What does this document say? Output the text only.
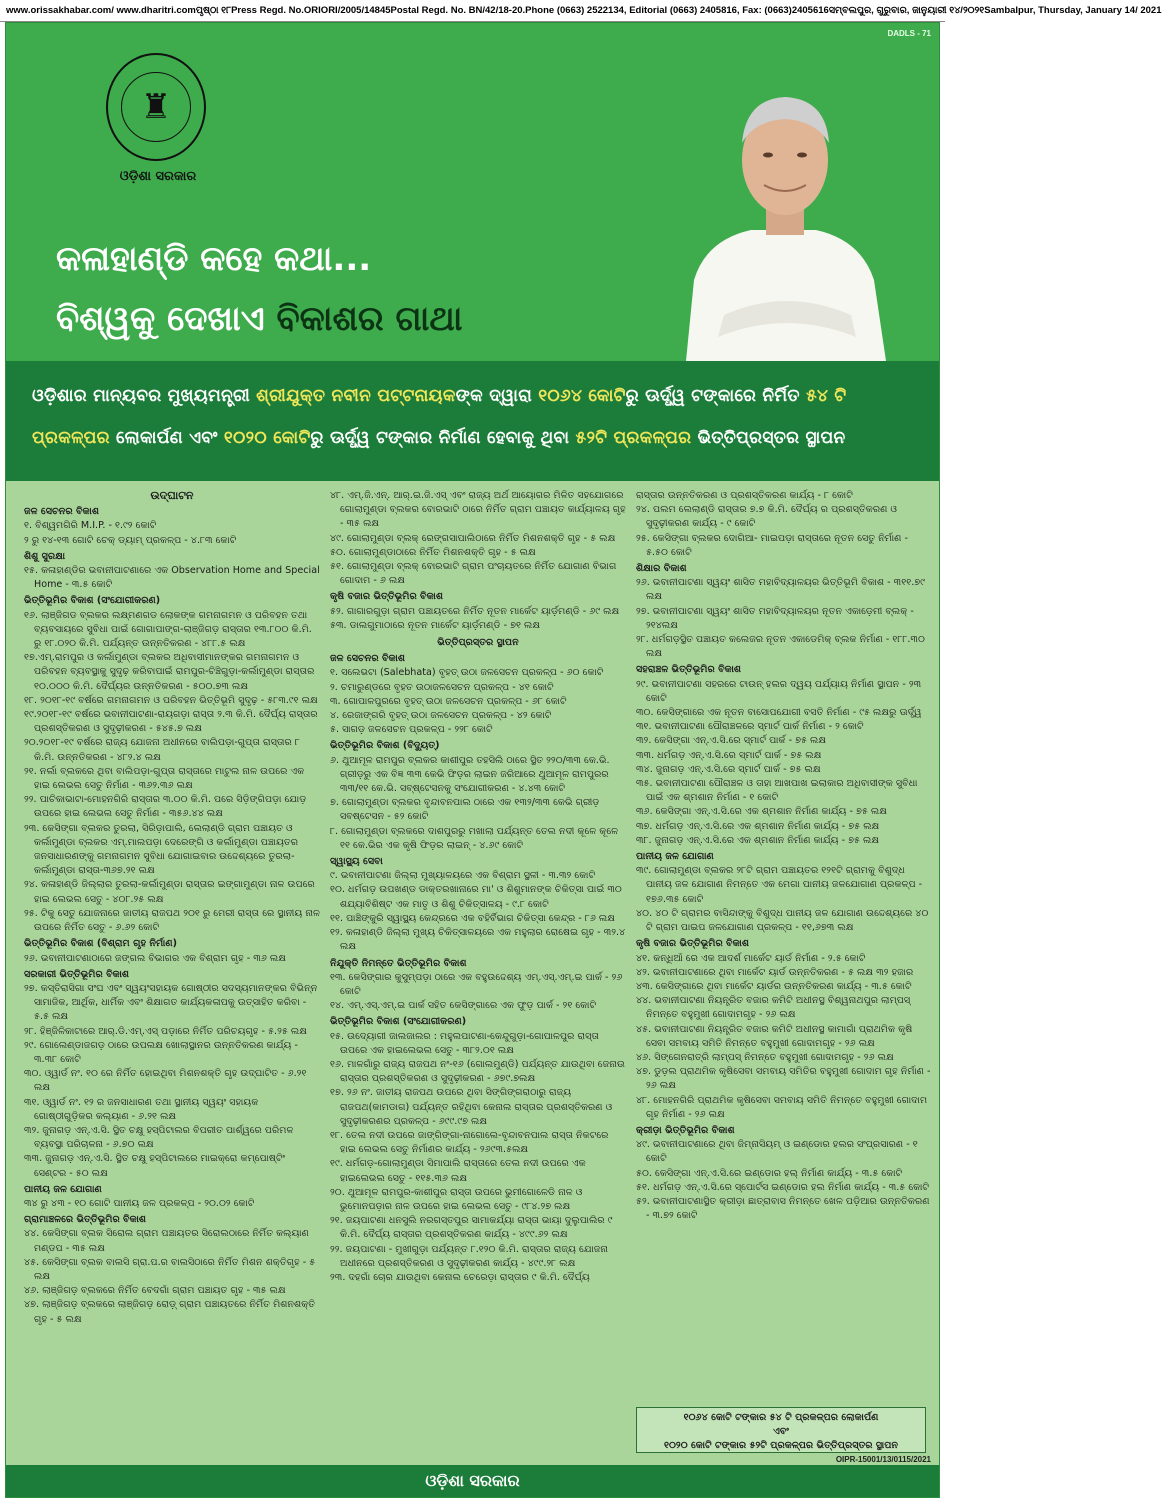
www.orissakhabar.com/ www.dharitri.com ପୃଷ୍ଠା ୧୮ Press Regd. No.ORIORI/2005/14845 Postal Regd. No. BN/42/18-20. Phone (0663) 2522134, Editorial (0663) 2405816, Fax: (0663)2405616 ସମ୍ବଲପୁର, ଗୁରୁବାର, ଜାନୁୟାରୀ ୧୪/୨୦୨୧ Sambalpur, Thursday, January 14/ 2021
DADLS - 71
♜
ଓଡ଼ିଶା ସରକାର
କଳାହାଣ୍ଡି କହେ କଥା...
ବିଶ୍ୱକୁ ଦେଖାଏ ବିକାଶର ଗାଥା
ଓଡ଼ିଶାର ମାନ୍ୟବର ମୁଖ୍ୟମନ୍ତ୍ରୀ ଶ୍ରୀଯୁକ୍ତ ନବୀନ ପଟ୍ଟନାୟକଙ୍କ ଦ୍ୱାରା ୧୦୬୪ କୋଟିରୁ ଊର୍ଦ୍ଧ୍ୱ ଟଙ୍କାରେ ନିର୍ମିତ ୫୪ ଟି
ପ୍ରକଳ୍ପର ଲୋକାର୍ପଣ ଏବଂ ୧୦୨୦ କୋଟିରୁ ଊର୍ଦ୍ଧ୍ୱ ଟଙ୍କାର ନିର୍ମାଣ ହେବାକୁ ଥିବା ୫୨ଟି ପ୍ରକଳ୍ପର ଭିତ୍ତିପ୍ରସ୍ତର ସ୍ଥାପନ
ଉଦ୍‌ଘାଟନ
ଜଳ ସେଚନର ବିକାଶ
୧. ବିଶ୍ୱମଗିରି M.I.P. - ୧.୯୨ କୋଟି
୨ ରୁ ୧୪-୧୩ ଗୋଟି ଚେକ୍ ଡ୍ୟାମ୍ ପ୍ରକଳ୍ପ - ୪.୮୩ କୋଟି
ଶିଶୁ ସୁରକ୍ଷା
୧୫. କଳାହାଣ୍ଡିର ଭବାନୀପାଟଣାରେ ଏକ Observation Home and Special Home - ୩.୫ କୋଟି
ଭିତ୍ତିଭୂମିର ବିକାଶ (ସଂଯୋଗୀକରଣ)
୧୬. ଲାଞ୍ଜିଗଡ ବ୍ଲକର ଲକ୍ଷ୍ମଣଗଡ ଲୋକଙ୍କ ଗମନାଗମନ ଓ ପରିବହନ ତଥା ବ୍ୟବସାୟରେ ସୁବିଧା ପାଇଁ ଗୋଗାପାଙ୍ଗ-ଲାଞ୍ଜିଗଡ଼ ରାସ୍ତାର ୧୩.୮୦୦ କି.ମି. ରୁ ୧୮.୦୨୦ କି.ମି. ପର୍ଯ୍ୟନ୍ତ ଉନ୍ନତିକରଣ - ୪୮୮.୫ ଲକ୍ଷ
୧୭.ଏମ୍.ରାମପୁର ଓ କର୍ଲାମୁଣ୍ଡା ବ୍ଲକର ଅଧିବାସୀମାନଙ୍କର ଗମନାଗମନ ଓ ପରିବହନ ବ୍ୟବସ୍ଥାକୁ ସୁଦୃଢ଼ କରିବାପାଇଁ ରାମପୁର-ଚିଞ୍ଚିଗୁଡ଼ା-କର୍ଲାମୁଣ୍ଡା ରାସ୍ତାର ୧୦.୦୦୦ କି.ମି. ଦୈର୍ଘ୍ୟର ଉନ୍ନତିକରଣ - ୫୦୦.୭୩ ଲକ୍ଷ
୧୮. ୨୦୧୮-୧୯ ବର୍ଷରେ ଗମନାଗମନ ଓ ପରିବହନ ଭିତ୍ତିଭୂମି ସୁଦୃଢ଼ - ୫୮୩.୯୧ ଲକ୍ଷ
୧୯.୨୦୧୮-୧୯ ବର୍ଷରେ ଭବାନୀପାଟଣା-ରାୟଗଡ଼ା ରାସ୍ତା ୨.୩ କି.ମି. ଦୈର୍ଘ୍ୟ ରାସ୍ତାର ପ୍ରଶସ୍ତିକରଣ ଓ ସୁଦୃଢ଼ୀକରଣ - ୫୪୫.୭ ଲକ୍ଷ
୨୦.୨୦୧୮-୧୯ ବର୍ଷରେ ରାଜ୍ୟ ଯୋଜନା ଅଧୀନରେ ବାଲିପଡ଼ା-ଗୁପ୍ତା ରାସ୍ତାର ୮ କି.ମି. ଉନ୍ନତିକରଣ - ୪୮୨.୪ ଲକ୍ଷ
୨୧. ନର୍ଲା ବ୍ଲକରେ ଥିବା ବାଲିପଡ଼ା-ଗୁପ୍ତା ରାସ୍ତାରେ ମାଟୁଲ ନାଳ ଉପରେ ଏକ ହାଇ ଲେଭଲ ସେତୁ ନିର୍ମାଣ - ୩୬୨.୩୬ ଲକ୍ଷ
୨୨. ପାଚିକାଭାଟା-ମୋହନଗିରି ରାସ୍ତାର ୩.୦୦ କି.ମି. ପରେ ସିଡ଼ିଙ୍ଗିପଡ଼ା ଯୋଡ଼ ଉପରେ ହାଇ ଲେଭଲ ସେତୁ ନିର୍ମାଣ - ୩୫୬.୪୪ ଲକ୍ଷ
୨୩. କେସିଙ୍ଗା ବ୍ଲକର ତୁରଲା, ସିରିଡ଼ାପାଲି, ଲେଲାଣ୍ଡି ଗ୍ରାମ ପଞ୍ଚାୟତ ଓ କର୍ଲାମୁଣ୍ଡା ବ୍ଲକର ଏମ୍.ମାଲପଡ଼ା ଦେରେଙ୍ଗି ଓ କର୍ଲାମୁଣ୍ଡା ପଞ୍ଚାୟତର ଜନସାଧାରଣଙ୍କୁ ଗମନାଗମନ ସୁବିଧା ଯୋଗାଇବାର ଉଦ୍ଦେଶ୍ୟରେ ତୁରଲା-କର୍ଲାମୁଣ୍ଡା ରାସ୍ତା-୩୬୭.୨୧ ଲକ୍ଷ
୨୪. କଳାହାଣ୍ଡି ଜିଲ୍ଲାର ତୁରଲା-କର୍ଲାମୁଣ୍ଡା ରାସ୍ତାର ଇଙ୍ଗାମୁଣ୍ଡା ନାଳ ଉପରେ ହାଇ ଲେଭଲ ସେତୁ - ୪୦୮.୨୫ ଲକ୍ଷ
୨୫. ଟିକୁ ସେତୁ ଯୋଜନାରେ ଜାତୀୟ ରାଜପଥ ୨୦୧ ରୁ ମେରୀ ରାସ୍ତା ରେ ସ୍ଥାନୀୟ ନାଳ ଉପରେ ନିର୍ମିତ ସେତୁ - ୬.୬୨ କୋଟି
ଭିତ୍ତିଭୂମିର ବିକାଶ (ବିଶ୍ରାମ ଗୃହ ନିର୍ମାଣ)
୨୬. ଭବାନୀପାଟଣାଠାରେ ଜଙ୍ଗଲ ବିଭାଗର ଏକ ବିଶ୍ରାମ ଗୃହ - ୩୬ ଲକ୍ଷ
ସରକାରୀ ଭିତ୍ତିଭୂମିର ବିକାଶ
୨୭. କସ୍ତିରାସିଗା ସଂଘ ଏବଂ ସ୍ୱୟଂସହାୟକ ଗୋଷ୍ଠୀର ସଦସ୍ୟମାନଙ୍କର ବିଭିନ୍ନ ସାମାଜିକ, ଆର୍ଥିକ, ଧାର୍ମିକ ଏବଂ ଶିକ୍ଷାଗତ କାର୍ଯ୍ୟକଳାପକୁ ଉତ୍ସାହିତ କରିବା - ୫.୫ ଲକ୍ଷ
୨୮. ହିଞ୍ଜିଳିକାଟାରେ ଆର୍.ଡି.ଏମ୍.ଏସ୍ ପଡ଼ାରେ ନିର୍ମିତ ପରିଚୟଗୃହ - ୫.୨୫ ଲକ୍ଷ
୨୯. ଗୋଲେଣ୍ଡାଜଗଡ଼ ଠାରେ ଉପଲକ୍ଷ ଖୋଲାସ୍ଥାନର ଉନ୍ନତିକରଣ କାର୍ଯ୍ୟ - ୩.୩୮ କୋଟି
୩୦. ଓ୍ୱାର୍ଡ ନଂ. ୧୦ ରେ ନିର୍ମିତ ହୋଇଥିବା ମିଶନଶକ୍ତି ଗୃହ ଉଦ୍‌ଘାଟିତ - ୬.୨୧ ଲକ୍ଷ
୩୧. ଓ୍ୱାର୍ଡ ନଂ. ୧୨ ର ଜନସାଧାରଣ ତଥା ସ୍ଥାନୀୟ ସ୍ୱୟଂ ସହାୟକ ଗୋଷ୍ଠୀଗୁଡ଼ିକର କଲ୍ୟାଣ - ୬.୨୧ ଲକ୍ଷ
୩୨. ଜୁନାଗଡ଼ ଏନ୍.ଏ.ସି. ସ୍ଥିତ ଚକ୍ଷୁ ହସ୍ପିଟାଲର ବିପରୀତ ପାର୍ଶ୍ୱରେ ପରିମଳ ବ୍ୟବସ୍ଥା ପରିଚାଳନା - ୬.୭୦ ଲକ୍ଷ
୩୩. ଜୁନାଗଡ଼ ଏନ୍.ଏ.ସି. ସ୍ଥିତ ଚକ୍ଷୁ ହସ୍ପିଟାଲରେ ମାଇକ୍ରୋ କମ୍ପୋଷ୍ଟିଂ ସେଣ୍ଟର - ୫୦ ଲକ୍ଷ
ପାନୀୟ ଜଳ ଯୋଗାଣ
୩୪ ରୁ ୪୩ - ୧୦ ଗୋଟି ପାନୀୟ ଜଳ ପ୍ରକଳ୍ପ - ୨୦.୦୨ କୋଟି
ଗ୍ରାମାଞ୍ଚଳରେ ଭିତ୍ତିଭୂମିର ବିକାଶ
୪୪. କେସିଙ୍ଗା ବ୍ଲକ ସିରୋଲ ଗ୍ରାମ ପଞ୍ଚାୟତର ସିରୋଲଠାରେ ନିର୍ମିତ କଲ୍ୟାଣ ମଣ୍ଡପ - ୩୫ ଲକ୍ଷ
୪୫. କେସିଙ୍ଗା ବ୍ଲକ ବାଲସି ଗ୍ରା.ପ.ର ବାଲସିଠାରେ ନିର୍ମିତ ମିଶନ ଶକ୍ତିଗୃହ - ୫ ଲକ୍ଷ
୪୬. ଲାଞ୍ଜିଗଡ଼ ବ୍ଲକରେ ନିର୍ମିତ ବେଦଗାଁ ଗ୍ରାମ ପଞ୍ଚାୟତ ଗୃହ - ୩୫ ଲକ୍ଷ
୪୭. ଲାଞ୍ଜିଗଡ଼ ବ୍ଲକରେ ଲାଞ୍ଜିଗଡ଼ ରୋଡ଼୍ ଗ୍ରାମ ପଞ୍ଚାୟତରେ ନିର୍ମିତ ମିଶନଶକ୍ତି ଗୃହ - ୫ ଲକ୍ଷ
୪୮. ଏମ୍.ଜି.ଏନ୍. ଆର୍.ଇ.ଜି.ଏସ୍ ଏବଂ ରାଜ୍ୟ ଅର୍ଥ ଆୟୋଗର ମିଳିତ ସହଯୋଗରେ ଗୋଲାମୁଣ୍ଡା ବ୍ଲକର ବୋରଭାଟି ଠାରେ ନିର୍ମିତ ଗ୍ରାମ ପଞ୍ଚାୟତ କାର୍ଯ୍ୟାଳୟ ଗୃହ - ୩୫ ଲକ୍ଷ
୪୯. ଗୋଲାମୁଣ୍ଡା ବ୍ଲକ୍ ରେଙ୍ଗସାପାଲିଠାରେ ନିର୍ମିତ ମିଶନଶକ୍ତି ଗୃହ - ୫ ଲକ୍ଷ
୫୦. ଗୋଲାମୁଣ୍ଡାଠାରେ ନିର୍ମିତ ମିଶନଶକ୍ତି ଗୃହ - ୫ ଲକ୍ଷ
୫୧. ଗୋଲାମୁଣ୍ଡା ବ୍ଲକ୍ ବୋରଭାଟି ଗ୍ରାମ ପଂଚାୟତରେ ନିର୍ମିତ ଯୋଗାଣ ବିଭାଗ ଗୋଦାମ - ୬ ଲକ୍ଷ
କୃଷି ବଜାର ଭିତ୍ତିଭୂମିର ବିକାଶ
୫୨. ଗାଗାରଗୁଡ଼ା ଗ୍ରାମ ପଞ୍ଚାୟତରେ ନିର୍ମିତ ନୂତନ ମାର୍କେଟ ୟାର୍ଡ଼ମଣ୍ଡି - ୬୯ ଲକ୍ଷ
୫୩. ଡାଲଗୁମାଠାରେ ନୂତନ ମାର୍କେଟ ୟାର୍ଡ଼ମଣ୍ଡି - ୭୧ ଲକ୍ଷ
ଭିତ୍ତିପ୍ରସ୍ତର ସ୍ଥାପନ
ଜଳ ସେଚନର ବିକାଶ
୧. ସଲେଭଟା (Salebhata) ବୃହତ୍ ଉଠା ଜଳସେଚନ ପ୍ରକଳ୍ପ - ୬୦ କୋଟି
୨. ଚମାରୁଣ୍ଡରେ ବୃହତ ଉଠାଜଳସେଚନ ପ୍ରକଳ୍ପ - ୪୧ କୋଟି
୩. ଗୋପାଳପୁରରେ ବୃହତ୍ ଉଠା ଜଳସେଚନ ପ୍ରକଳ୍ପ - ୬୮ କୋଟି
୪. ରେଜାଙ୍ଗରି ବୃହତ୍ ଉଠା ଜଳସେଚନ ପ୍ରକଳ୍ପ - ୪୨ କୋଟି
୫. ସାଗଡ଼ ଜଳସେଚନ ପ୍ରକଳ୍ପ - ୨୨୮ କୋଟି
ଭିତ୍ତିଭୂମିର ବିକାଶ (ବିଦ୍ୟୁତ୍)
୬. ଥୁଆମୂଳ ରାମପୁର ବ୍ଲକର କାଶୀପୁର ତହସିଲି ଠାରେ ସ୍ଥିତ ୨୨୦/୩୩ କେ.ଭି. ଗ୍ରୀଡ଼ରୁ ଏକ ବିଜ୍ଞ ୩୩ କେଭି ଫିଡ଼ର ଲାଇନ ଜରିଆରେ ଥୁଆମୂଳ ରାମପୁରର ୩୩/୧୧ କେ.ଭି. ସବ୍‌ଷ୍ଟେସନକୁ ସଂଯୋଗୀକରଣ - ୪.୪୩ କୋଟି
୭. ଗୋଲାମୁଣ୍ଡା ବ୍ଲକର ବୃନ୍ଦାବନପାଲ ଠାରେ ଏକ ୧୩୨/୩୩ କେଭି ଗ୍ରୀଡ଼ ସବଷ୍ଟେସନ - ୫୨ କୋଟି
୮. ଗୋଲାମୁଣ୍ଡା ବ୍ଲକରେ ଦାଶପୁରରୁ ମଖାଲା ପର୍ଯ୍ୟନ୍ତ ତେଲ ନଦୀ କୂଳେ କୂଳେ ୧୧ କେ.ଭିର ଏକ କୃଷି ଫିଡ଼ର ଲାଇନ୍ - ୪.୬୯ କୋଟି
ସ୍ୱାସ୍ଥ୍ୟ ସେବା
୯. ଭବାନୀପାଟଣା ଜିଲ୍ଲା ମୁଖ୍ୟାଳୟରେ ଏକ ବିଶ୍ରାମ ସ୍ଥଳୀ - ୩.୩୨ କୋଟି
୧୦. ଧର୍ମଗଡ଼ ଉପଖଣ୍ଡ ଡାକ୍ତରଖାନାରେ ମା' ଓ ଶିଶୁମାନଙ୍କ ଚିକିତ୍ସା ପାଇଁ ୩୦ ଶଯ୍ୟାବିଶିଷ୍ଟ ଏକ ମାତୃ ଓ ଶିଶୁ ଚିକିତ୍ସାଳୟ - ୯.୮ କୋଟି
୧୧. ପାଞ୍ଚିଙ୍କୁରି ସ୍ୱାସ୍ଥ୍ୟ କେନ୍ଦ୍ରରେ ଏକ ବହିର୍ବିଭାଗ ଚିକିତ୍ସା କେନ୍ଦ୍ର - ୮୬ ଲକ୍ଷ
୧୨. କଳାହାଣ୍ଡି ଜିଲ୍ଲା ମୁଖ୍ୟ ଚିକିତ୍ସାଳୟରେ ଏକ ମହୁଲାର ରୋଷେଇ ଗୃହ - ୩୨.୪ ଲକ୍ଷ
ନିଯୁକ୍ତି ନିମନ୍ତେ ଭିତ୍ତିଭୂମିର ବିକାଶ
୧୩. କେସିଙ୍ଗାର କୁସୁମ୍‌ପଡ଼ା ଠାରେ ଏକ ବହୁଉଦ୍ଦେଶ୍ୟ ଏମ୍.ଏସ୍.ଏମ୍.ଇ ପାର୍କ - ୨୬ କୋଟି
୧୪. ଏମ୍.ଏସ୍.ଏମ୍.ଇ ପାର୍କ ସହିତ କେସିଙ୍ଗାରେ ଏକ ଫୁଡ଼ ପାର୍କ - ୨୧ କୋଟି
ଭିତ୍ତିଭୂମିର ବିକାଶ (ସଂଯୋଗୀକରଣ)
୧୫. ଉଦ୍ୟୋଗୀ ଜାଲଜାଲର : ମହୁଲପାଟଣା-କେନ୍ଦୁଗୁଡ଼ା-ଗୋପାଳପୁର ରାସ୍ତା ଉପରେ ଏକ ହାଇଲେଭଲ ସେତୁ - ୩୮୨.୦୧ ଲକ୍ଷ
୧୬. ମାଳଗାଁରୁ ରାଜ୍ୟ ରାଜପଥ ନଂ-୧୬ (ଗୋଲମୁଣ୍ଡି) ପର୍ଯ୍ୟନ୍ତ ଯାଉଥିବା ଜେନାଉ ରାସ୍ତାର ପ୍ରଶସ୍ତିକରଣ ଓ ସୁଦୃଢ଼ୀକରଣ - ୬୭୯.୭ଲକ୍ଷ
୧୭. ୨୬ ନଂ. ଜାତୀୟ ରାଜପଥ ଉପରେ ଥିବା ସିଙ୍ଗିଙ୍ଗରାଠାରୁ ରାଜ୍ୟ ରାଜପଥ(କାମଡାଗ) ପର୍ଯ୍ୟନ୍ତ ରହିଥିବା କେନାଲ ରାସ୍ତାର ପ୍ରଶସ୍ତିକରଣ ଓ ସୁଦୃଢ଼ୀକରଣର ପ୍ରକଳ୍ପ - ୬୯୯.୯୭ ଲକ୍ଷ
୧୮. ତେଲ ନଦୀ ଉପରେ ଜାଙ୍ଗିଙ୍ଗା-ନାଗୋଲେ-ବୃନ୍ଦାବନପାଲ ରାସ୍ତା ନିକଟରେ ହାଇ ଲେଭଲ ସେତୁ ନିର୍ମାଣର କାର୍ଯ୍ୟ - ୨୬୯୩.୫ଲକ୍ଷ
୧୯. ଧର୍ମଗଡ଼-ଗୋଲାମୁଣ୍ଡା ସିମାପାଲି ରାସ୍ତାରେ ତେଲ ନଦୀ ଉପରେ ଏକ ହାଇଲେଭଲ ସେତୁ - ୧୧୫.୩୬ ଲକ୍ଷ
୨୦. ଥୁଆମୂଳ ରାମପୁର-କାଶୀପୁର ରାସ୍ତା ଉପରେ ଭୁମୀଗୋଳେଡି ନାଳ ଓ ଭୁମୋନପଡ଼ାର ନାଳ ଉପରେ ହାଇ ଲେଭଲ ସେତୁ - ୯୮୪.୨୭ ଲକ୍ଷ
୨୧. ଜୟପାଟଣା ଧନସୁଲି ନରଗସ୍ତପୁର ସାମାକର୍ଯ୍ୟା ରାସ୍ତା ଭାୟା ଦୁଲୁପାଲିର ୯ କି.ମି. ଦୈର୍ଘ୍ୟ ରାସ୍ତାର ପ୍ରଶସ୍ତିକରଣ କାର୍ଯ୍ୟ - ୪୯୯.୬୨ ଲକ୍ଷ
୨୨. ଜୟପାଟଣା - ମୁଖୀଗୁଡ଼ା ପର୍ଯ୍ୟନ୍ତ ୮.୧୨୦ କି.ମି. ରାସ୍ତାର ରାଜ୍ୟ ଯୋଜନା ଅଧୀନରେ ପ୍ରଶସ୍ତିକରଣ ଓ ସୁଦୃଢ଼ୀକରଣ କାର୍ଯ୍ୟ - ୪୯୯.୨୮ ଲକ୍ଷ
୨୩. ଦହଗାଁ ଚୋର ଯାଉଥିବା କେନାଲ ଚେରେଡ଼ା ରାସ୍ତାର ୯ କି.ମି. ଦୈର୍ଘ୍ୟ
ରାସ୍ତାର ଉନ୍ନତିକରଣ ଓ ପ୍ରଶସ୍ତିକରଣ କାର୍ଯ୍ୟ - ୮ କୋଟି
୨୪. ପଲମ ଲେଲାଣ୍ଡି ରାସ୍ତାର ୭.୭ କି.ମି. ଦୈର୍ଘ୍ୟ ର ପ୍ରଶସ୍ତିକରଣ ଓ ସୁଦୃଢ଼ୀକରଣ କାର୍ଯ୍ୟ - ୯ କୋଟି
୨୫. କେସିଙ୍ଗା ବ୍ଲକର ଦୋଗିଆ- ମାଇପଡ଼ା ରାସ୍ତାରେ ନୂତନ ସେତୁ ନିର୍ମାଣ - ୫.୫୦ କୋଟି
ଶିକ୍ଷାର ବିକାଶ
୨୬. ଭବାନୀପାଟଣା ସ୍ୱୟଂ ଶାସିତ ମହାବିଦ୍ୟାଳୟର ଭିତ୍ତିଭୂମି ବିକାଶ - ୩୧୧.୭୯ ଲକ୍ଷ
୨୭. ଭବାନୀପାଟଣା ସ୍ୱୟଂ ଶାସିତ ମହାବିଦ୍ୟାଳୟର ନୂତନ ଏକାଡ଼େମୀ ବ୍ଲକ୍ - ୨୧୪ଲକ୍ଷ
୨୮. ଧର୍ମଗଡ଼ସ୍ଥିତ ପଞ୍ଚାୟତ କଲେଜର ନୂତନ ଏକାଡେମିକ୍ ବ୍ଲକ ନିର୍ମାଣ - ୧୮୮.୩୦ ଲକ୍ଷ
ସହରାଞ୍ଚଳ ଭିତ୍ତିଭୂମିର ବିକାଶ
୨୯. ଭବାନୀପାଟଣା ସହରରେ ଟାଉନ୍ ହଲର ଦ୍ୱୟ ପର୍ଯ୍ୟାୟ ନିର୍ମାଣ ସ୍ଥାପନ - ୨୩ କୋଟି
୩୦. କେସିଙ୍ଗାରେ ଏକ ନୂତନ ବାସୋପଯୋଗୀ ବସତି ନିର୍ମାଣ - ୯୫ ଲକ୍ଷରୁ ଊର୍ଦ୍ଧ୍ୱ
୩୧. ଭବାନୀପାଟଣା ପୌରାଞ୍ଚଳରେ ସ୍ମାର୍ଟ ପାର୍କ ନିର୍ମାଣ - ୨ କୋଟି
୩୨. କେସିଙ୍ଗା ଏନ୍.ଏ.ସି.ରେ ସ୍ମାର୍ଟ ପାର୍କ - ୭୫ ଲକ୍ଷ
୩୩. ଧର୍ମଗଡ଼ ଏନ୍.ଏ.ସି.ରେ ସ୍ମାର୍ଟ ପାର୍କ - ୭୫ ଲକ୍ଷ
୩୪. ଜୁନାଗଡ଼ ଏନ୍.ଏ.ସି.ରେ ସ୍ମାର୍ଟ ପାର୍କ - ୭୫ ଲକ୍ଷ
୩୫. ଭବାନୀପାଟଣା ପୌରାଞ୍ଚଳ ଓ ତାହା ଆଖପାଖ ଇଲାକାର ଅଧିବାସୀଙ୍କ ସୁବିଧା ପାଇଁ ଏକ ଶ୍ମଶାନ ନିର୍ମାଣ - ୧ କୋଟି
୩୬. କେସିଙ୍ଗା ଏନ୍.ଏ.ସି.ରେ ଏକ ଶ୍ମଶାନ ନିର୍ମାଣ କାର୍ଯ୍ୟ - ୭୫ ଲକ୍ଷ
୩୭. ଧର୍ମଗଡ଼ ଏନ୍.ଏ.ସି.ରେ ଏକ ଶ୍ମଶାନ ନିର୍ମାଣ କାର୍ଯ୍ୟ - ୭୫ ଲକ୍ଷ
୩୮. ଜୁନାଗଡ଼ ଏନ୍.ଏ.ସି.ରେ ଏକ ଶ୍ମଶାନ ନିର୍ମାଣ କାର୍ଯ୍ୟ - ୭୫ ଲକ୍ଷ
ପାନୀୟ ଜଳ ଯୋଗାଣ
୩୯. ଗୋଲାମୁଣ୍ଡା ବ୍ଲକର ୨୮ଟି ଗ୍ରାମ ପଞ୍ଚାୟତର ୧୨୧ଟି ଗ୍ରାମକୁ ବିଶୁଦ୍ଧ ପାନୀୟ ଜଳ ଯୋଗାଣ ନିମନ୍ତେ ଏକ ମେଗା ପାନୀୟ ଜଳଯୋଗାଣ ପ୍ରକଳ୍ପ - ୧୭୬.୩୫ କୋଟି
୪୦. ୪୦ ଟି ଗ୍ରାମର ବାସିନ୍ଦାଙ୍କୁ ବିଶୁଦ୍ଧ ପାନୀୟ ଜଳ ଯୋଗାଣ ଉଦ୍ଦେଶ୍ୟରେ ୪୦ ଟି ଗ୍ରାମ ପାଇପ ଜଳଯୋଗାଣ ପ୍ରକଳ୍ପ - ୧୧,୬୭୩ ଲକ୍ଷ
କୃଷି ବଜାର ଭିତ୍ତିଭୂମିର ବିକାଶ
୪୧. କନ୍ଧିଆଁ ରେ ଏକ ଆଦର୍ଶ ମାର୍କେଟ ୟାର୍ଡ ନିର୍ମାଣ - ୨.୫ କୋଟି
୪୨. ଭବାନୀପାଟଣାରେ ଥିବା ମାର୍କେଟ ୟାର୍ଡ ଉନ୍ନତିକରଣ - ୫ ଲକ୍ଷ ୩୨ ହଜାର
୪୩. କେସିଙ୍ଗାରେ ଥିବା ମାର୍କେଟ ୟାର୍ଡର ଉନ୍ନତିକରଣ କାର୍ଯ୍ୟ - ୩.୫ କୋଟି
୪୪. ଭବାନୀପାଟଣା ନିୟନ୍ତ୍ରିତ ବଜାର କମିଟି ଅଧୀନସ୍ଥ ବିଶ୍ୱନାଥପୁର ଲାମ୍ପସ୍ ନିମନ୍ତେ ବହୁମୁଖୀ ଗୋଦାମଗୃହ - ୨୬ ଲକ୍ଷ
୪୫. ଭବାନୀପାଟଣା ନିୟନ୍ତ୍ରିତ ବଜାର କମିଟି ଅଧୀନସ୍ଥ କାମାଗାଁ ପ୍ରାଥମିକ କୃଷି ସେବା ସମବାୟ ସମିତି ନିମନ୍ତେ ବହୁମୁଖୀ ଗୋଦାମଗୃହ - ୨୬ ଲକ୍ଷ
୪୬. ସିଙ୍ଗେନରାତ୍ରି ଲାମ୍ପସ୍ ନିମନ୍ତେ ବହୁମୁଖୀ ଗୋଦାମଗୃହ - ୨୬ ଲକ୍ଷ
୪୭. ଡୁଡ଼ଲ ପ୍ରାଥମିକ କୃଷିସେବା ସମବାୟ ସମିତିର ବହୁମୁଖୀ ଗୋଦାମ ଗୃହ ନିର୍ମାଣ - ୨୬ ଲକ୍ଷ
୪୮. ମୋହନଗିରି ପ୍ରାଥମିକ କୃଷିସେବା ସମବାୟ ସମିତି ନିମନ୍ତେ ବହୁମୁଖୀ ଗୋଦାମ ଗୃହ ନିର୍ମାଣ - ୨୬ ଲକ୍ଷ
କ୍ରୀଡ଼ା ଭିତ୍ତିଭୂମିର ବିକାଶ
୪୯. ଭବାନୀପାଟଣାରେ ଥିବା ଜିମ୍ନାସିୟମ୍ ଓ ଇଣ୍ଡୋର ହଲର ସଂପ୍ରସାରଣ - ୧ କୋଟି
୫୦. କେସିଙ୍ଗା ଏନ୍.ଏ.ସି.ରେ ଇଣ୍ଡୋର ହଲ୍ ନିର୍ମାଣ କାର୍ଯ୍ୟ - ୩.୫ କୋଟି
୫୧. ଧର୍ମଗଡ଼ ଏନ୍.ଏ.ସି.ରେ ସ୍ପୋର୍ଟସ ଇଣ୍ଡୋର ହଲ ନିର୍ମାଣ କାର୍ଯ୍ୟ - ୩.୫ କୋଟି
୫୨. ଭବାନୀପାଟଣାସ୍ଥିତ କ୍ରୀଡ଼ା ଛାତ୍ରାବାସ ନିମନ୍ତେ ଖେଳ ପଡ଼ିଆର ଉନ୍ନତିକରଣ - ୩.୭୨ କୋଟି
୧୦୬୪ କୋଟି ଟଙ୍କାର ୫୪ ଟି ପ୍ରକଳ୍ପର ଲୋକାର୍ପଣ
ଏବଂ
୧୦୨୦ କୋଟି ଟଙ୍କାର ୫୨ଟି ପ୍ରକଳ୍ପର ଭିତ୍ତିପ୍ରସ୍ତର ସ୍ଥାପନ
OIPR-15001/13/0115/2021
ଓଡ଼ିଶା ସରକାର
